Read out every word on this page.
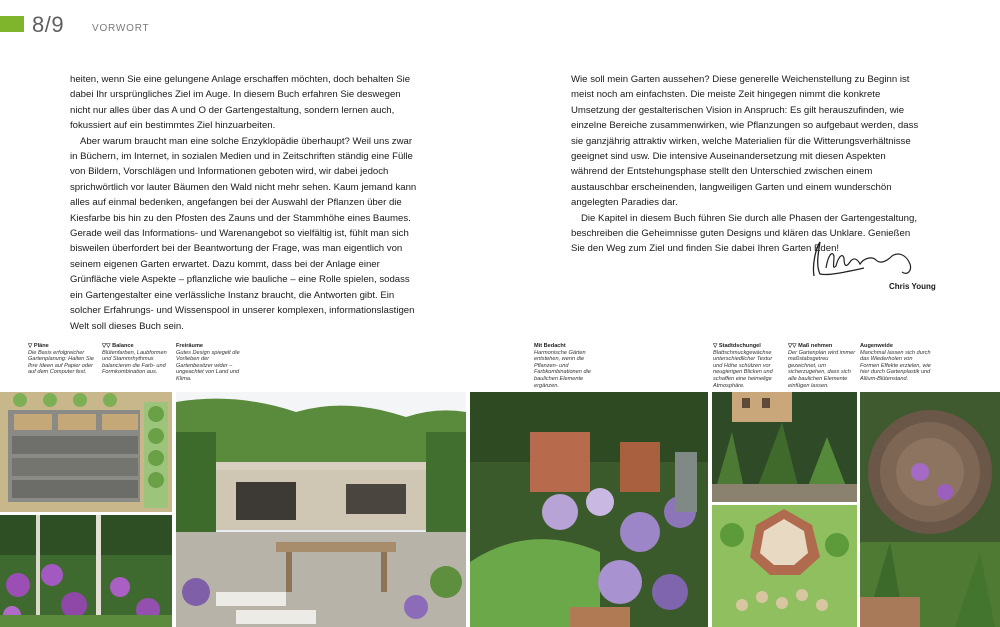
8/9	VORWORT

heiten, wenn Sie eine gelungene Anlage erschaffen möchten, doch behalten Sie dabei Ihr ursprüngliches Ziel im Auge. In diesem Buch erfahren Sie deswegen nicht nur alles über das A und O der Gartengestaltung, sondern lernen auch, fokussiert auf ein bestimmtes Ziel hinzuarbeiten.

Aber warum braucht man eine solche Enzyklopädie überhaupt? Weil uns zwar in Büchern, im Internet, in sozialen Medien und in Zeitschriften ständig eine Fülle von Bildern, Vorschlägen und Informationen geboten wird, wir dabei jedoch sprichwörtlich vor lauter Bäumen den Wald nicht mehr sehen. Kaum jemand kann alles auf einmal bedenken, angefangen bei der Auswahl der Pflanzen über die Kiesfarbe bis hin zu den Pfosten des Zauns und der Stammhöhe eines Baumes. Gerade weil das Informations- und Warenangebot so vielfältig ist, fühlt man sich bisweilen überfordert bei der Beantwortung der Frage, was man eigentlich von seinem eigenen Garten erwartet. Dazu kommt, dass bei der Anlage einer Grünfläche viele Aspekte – pflanzliche wie bauliche – eine Rolle spielen, sodass ein Gartengestalter eine verlässliche Instanz braucht, die Antworten gibt. Ein solcher Erfahrungs- und Wissenspool in unserer komplexen, informationslastigen Welt soll dieses Buch sein.

Wie soll mein Garten aussehen? Diese generelle Weichenstellung zu Beginn ist meist noch am einfachsten. Die meiste Zeit hingegen nimmt die konkrete Umsetzung der gestalterischen Vision in Anspruch: Es gilt herauszufinden, wie einzelne Bereiche zusammenwirken, wie Pflanzungen so aufgebaut werden, dass sie ganzjährig attraktiv wirken, welche Materialien für die Witterungsverhältnisse geeignet sind usw. Die intensive Auseinandersetzung mit diesen Aspekten während der Entstehungsphase stellt den Unterschied zwischen einem austauschbar erscheinenden, langweiligen Garten und einem wunderschön angelegten Paradies dar.

Die Kapitel in diesem Buch führen Sie durch alle Phasen der Gartengestaltung, beschreiben die Geheimnisse guten Designs und klären das Unklare. Genießen Sie den Weg zum Ziel und finden Sie dabei Ihren Garten Eden!

Chris Young
▽ Pläne
Die Basis erfolgreicher Gartenplanung: Halten Sie Ihre Ideen auf Papier oder auf dem Computer fest.
▽▽ Balance
Blütenfarben, Laubformen und Stammrhythmus balancieren die Farb- und Formkombination aus.
Freiräume
Gutes Design spiegelt die Vorlieben der Gartenbesitzer wider – ungeachtet von Land und Klima.
Mit Bedacht
Harmonische Gärten entstehen, wenn die Pflanzen- und Farbkombinationen die baulichen Elemente ergänzen.
▽ Stadtdschungel
Blattschmuckgewächse unterschiedlicher Textur und Höhe schützen vor neugierigen Blicken und schaffen eine heimelige Atmosphäre.
▽▽ Maß nehmen
Der Gartenplan wird immer maßstabsgetreu gezeichnet, um sicherzugehen, dass sich alle baulichen Elemente einfügen lassen.
Augenweide
Manchmal lassen sich durch das Wiederholen von Formen Effekte erzielen, wie hier durch Gartenplastik und Allium-Blütenstand.
